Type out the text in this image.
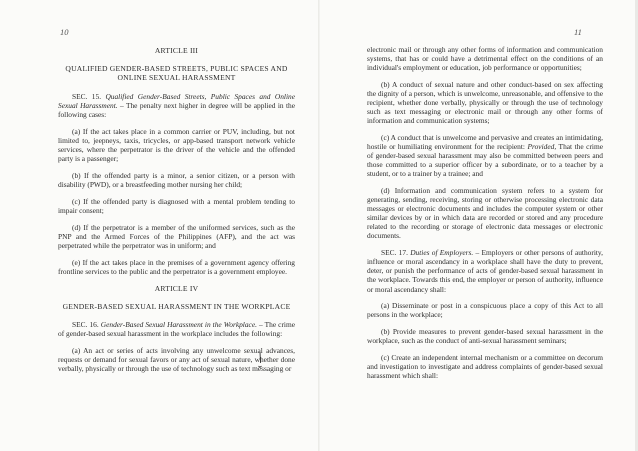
10
ARTICLE III
QUALIFIED GENDER-BASED STREETS, PUBLIC SPACES AND
ONLINE SEXUAL HARASSMENT

SEC. 15. Qualified Gender-Based Streets, Public Spaces and Online Sexual Harassment. – The penalty next higher in degree will be applied in the following cases:

(a) If the act takes place in a common carrier or PUV, including, but not limited to, jeepneys, taxis, tricycles, or app-based transport network vehicle services, where the perpetrator is the driver of the vehicle and the offended party is a passenger;

(b) If the offended party is a minor, a senior citizen, or a person with disability (PWD), or a breastfeeding mother nursing her child;

(c) If the offended party is diagnosed with a mental problem tending to impair consent;

(d) If the perpetrator is a member of the uniformed services, such as the PNP and the Armed Forces of the Philippines (AFP), and the act was perpetrated while the perpetrator was in uniform; and

(e) If the act takes place in the premises of a government agency offering frontline services to the public and the perpetrator is a government employee.

ARTICLE IV
GENDER-BASED SEXUAL HARASSMENT IN THE WORKPLACE

SEC. 16. Gender-Based Sexual Harassment in the Workplace. – The crime of gender-based sexual harassment in the workplace includes the following:

(a) An act or series of acts involving any unwelcome sexual advances, requests or demand for sexual favors or any act of sexual nature, whether done verbally, physically or through the use of technology such as text messaging or

11

electronic mail or through any other forms of information and communication systems, that has or could have a detrimental effect on the conditions of an individual's employment or education, job performance or opportunities;

(b) A conduct of sexual nature and other conduct-based on sex affecting the dignity of a person, which is unwelcome, unreasonable, and offensive to the recipient, whether done verbally, physically or through the use of technology such as text messaging or electronic mail or through any other forms of information and communication systems;

(c) A conduct that is unwelcome and pervasive and creates an intimidating, hostile or humiliating environment for the recipient: Provided, That the crime of gender-based sexual harassment may also be committed between peers and those committed to a superior officer by a subordinate, or to a teacher by a student, or to a trainer by a trainee; and

(d) Information and communication system refers to a system for generating, sending, receiving, storing or otherwise processing electronic data messages or electronic documents and includes the computer system or other similar devices by or in which data are recorded or stored and any procedure related to the recording or storage of electronic data messages or electronic documents.

SEC. 17. Duties of Employers. – Employers or other persons of authority, influence or moral ascendancy in a workplace shall have the duty to prevent, deter, or punish the performance of acts of gender-based sexual harassment in the workplace. Towards this end, the employer or person of authority, influence or moral ascendancy shall:

(a) Disseminate or post in a conspicuous place a copy of this Act to all persons in the workplace;

(b) Provide measures to prevent gender-based sexual harassment in the workplace, such as the conduct of anti-sexual harassment seminars;

(c) Create an independent internal mechanism or a committee on decorum and investigation to investigate and address complaints of gender-based sexual harassment which shall:
